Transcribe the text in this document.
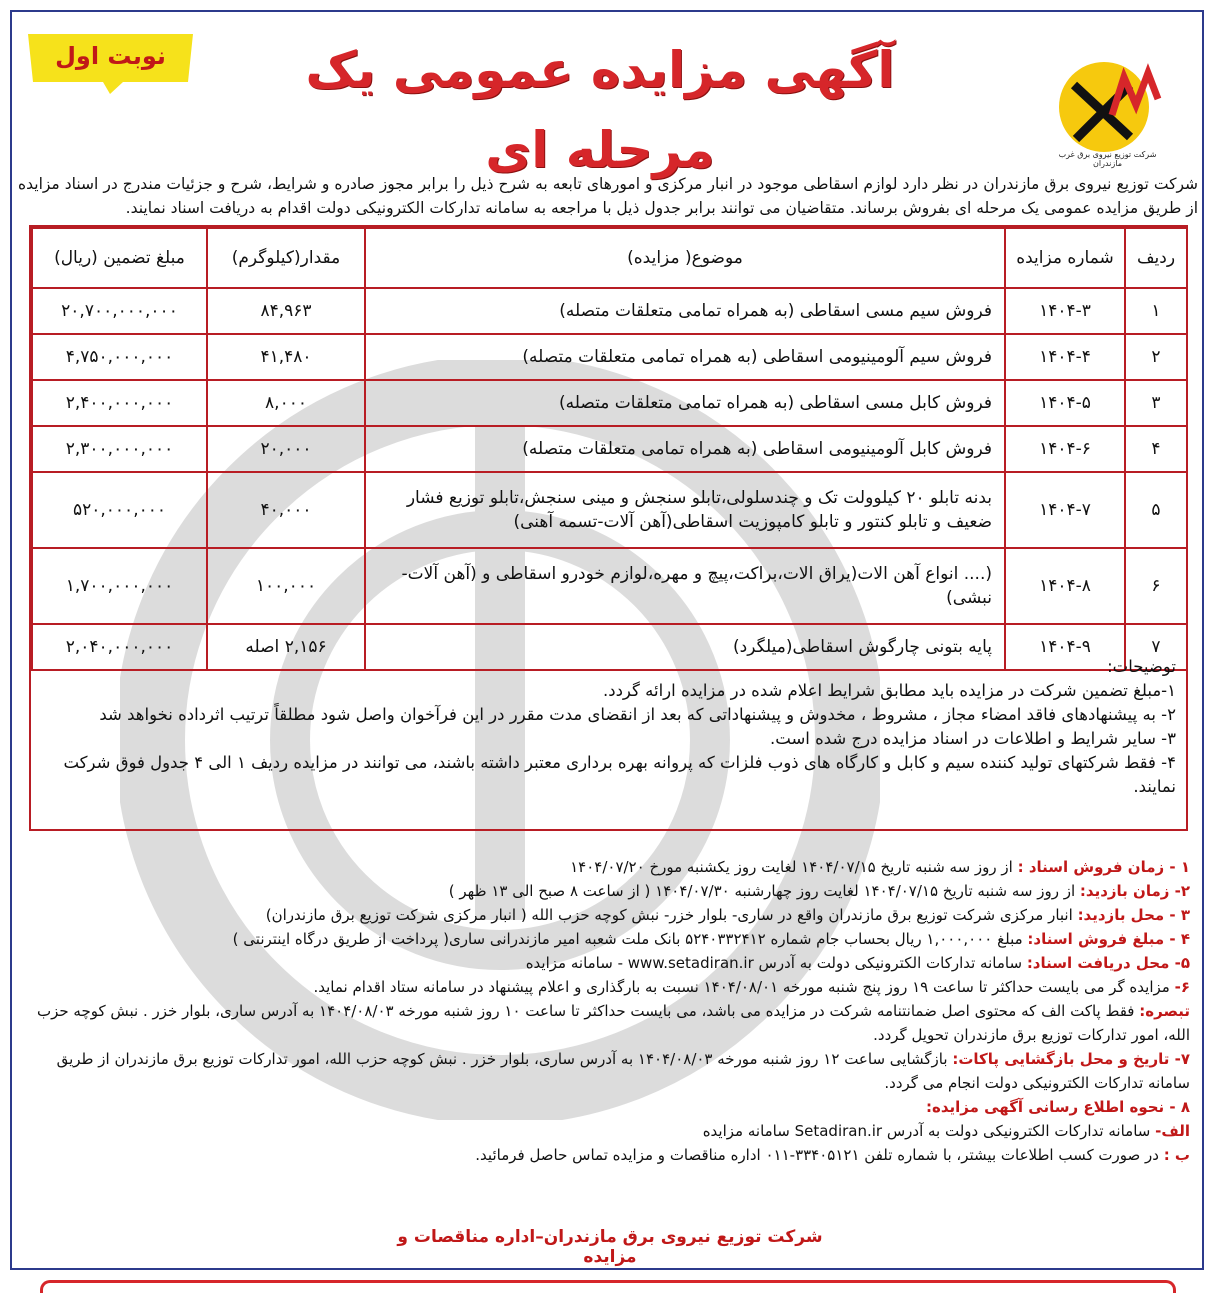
نوبت اول	آگهی مزایده عمومی یک مرحله ای	شرکت توزیع نیروی برق غرب مازندران
شرکت توزیع نیروی برق مازندران در نظر دارد لوازم اسقاطی موجود در انبار مرکزی و امورهای تابعه به شرح ذیل را برابر مجوز صادره و شرایط، شرح و جزئیات مندرج در اسناد مزایده از طریق مزایده عمومی یک مرحله ای بفروش برساند. متقاضیان می توانند برابر جدول ذیل با مراجعه به سامانه تدارکات الکترونیکی دولت اقدام به دریافت اسناد نمایند.
ردیف	شماره مزایده	موضوع( مزایده)	مقدار(کیلوگرم)	مبلغ تضمین (ریال)
۱	۱۴۰۴-۳	فروش سیم مسی اسقاطی (به همراه تمامی متعلقات متصله)	۸۴,۹۶۳	۲۰,۷۰۰,۰۰۰,۰۰۰
۲	۱۴۰۴-۴	فروش سیم آلومینیومی اسقاطی (به همراه تمامی متعلقات متصله)	۴۱,۴۸۰	۴,۷۵۰,۰۰۰,۰۰۰
۳	۱۴۰۴-۵	فروش کابل مسی اسقاطی (به همراه تمامی متعلقات متصله)	۸,۰۰۰	۲,۴۰۰,۰۰۰,۰۰۰
۴	۱۴۰۴-۶	فروش کابل آلومینیومی اسقاطی (به همراه تمامی متعلقات متصله)	۲۰,۰۰۰	۲,۳۰۰,۰۰۰,۰۰۰
۵	۱۴۰۴-۷	بدنه تابلو ۲۰ کیلوولت تک و چندسلولی،تابلو سنجش و مینی سنجش،تابلو توزیع فشار ضعیف و تابلو کنتور و تابلو کامپوزیت اسقاطی(آهن آلات-تسمه آهنی)	۴۰,۰۰۰	۵۲۰,۰۰۰,۰۰۰
۶	۱۴۰۴-۸	(.... انواع آهن الات(یراق الات،براکت،پیچ و مهره،لوازم خودرو اسقاطی و (آهن آلات-نبشی)	۱۰۰,۰۰۰	۱,۷۰۰,۰۰۰,۰۰۰
۷	۱۴۰۴-۹	پایه بتونی چارگوش اسقاطی(میلگرد)	۲,۱۵۶ اصله	۲,۰۴۰,۰۰۰,۰۰۰
توضیحات:
۱-مبلغ تضمین شرکت در مزایده باید مطابق شرایط اعلام شده در مزایده ارائه گردد.
۲- به پیشنهادهای فاقد امضاء مجاز ، مشروط ، مخدوش و پیشنهاداتی که بعد از انقضای مدت مقرر در این فرآخوان واصل شود مطلقاً ترتیب اثرداده نخواهد شد
۳- سایر شرایط و اطلاعات در اسناد مزایده درج شده است.
۴- فقط شرکتهای تولید کننده سیم و کابل و کارگاه های ذوب فلزات که پروانه بهره برداری معتبر داشته باشند، می توانند در مزایده ردیف ۱ الی ۴ جدول فوق شرکت نمایند.
۱ - زمان فروش اسناد : از روز سه شنبه تاریخ ۱۴۰۴/۰۷/۱۵ لغایت روز یکشنبه مورخ ۱۴۰۴/۰۷/۲۰
۲- زمان بازدید: از روز سه شنبه تاریخ ۱۴۰۴/۰۷/۱۵ لغایت روز چهارشنبه ۱۴۰۴/۰۷/۳۰ ( از ساعت ۸ صبح الی ۱۳ ظهر )
۳ - محل بازدید: انبار مرکزی شرکت توزیع برق مازندران واقع در ساری- بلوار خزر- نبش کوچه حزب الله ( انبار مرکزی شرکت توزیع برق مازندران)
۴ - مبلغ فروش اسناد: مبلغ ۱,۰۰۰,۰۰۰ ریال بحساب جام شماره ۵۲۴۰۳۳۲۴۱۲ بانک ملت شعبه امیر مازندرانی ساری( پرداخت از طریق درگاه اینترنتی )
۵- محل دریافت اسناد: سامانه تدارکات الکترونیکی دولت به آدرس www.setadiran.ir - سامانه مزایده
۶- مزایده گر می بایست حداکثر تا ساعت ۱۹ روز پنج شنبه مورخه ۱۴۰۴/۰۸/۰۱ نسبت به بارگذاری و اعلام پیشنهاد در سامانه ستاد اقدام نماید.
تبصره: فقط پاکت الف که محتوی اصل ضمانتنامه شرکت در مزایده می باشد، می بایست حداکثر تا ساعت ۱۰ روز شنبه مورخه ۱۴۰۴/۰۸/۰۳ به آدرس ساری، بلوار خزر . نبش کوچه حزب الله، امور تدارکات توزیع برق مازندران تحویل گردد.
۷- تاریخ و محل بازگشایی پاکات: بازگشایی ساعت ۱۲ روز شنبه مورخه ۱۴۰۴/۰۸/۰۳ به آدرس ساری، بلوار خزر . نبش کوچه حزب الله، امور تدارکات توزیع برق مازندران از طریق سامانه تدارکات الکترونیکی دولت انجام می گردد.
۸ - نحوه اطلاع رسانی آگهی مزایده:
الف- سامانه تدارکات الکترونیکی دولت به آدرس Setadiran.ir سامانه مزایده
ب : در صورت کسب اطلاعات بیشتر، با شماره تلفن ۳۳۴۰۵۱۲۱-۰۱۱ اداره مناقصات و مزایده تماس حاصل فرمائید.
شرکت توزیع نیروی برق مازندران–اداره مناقصات و مزایده
